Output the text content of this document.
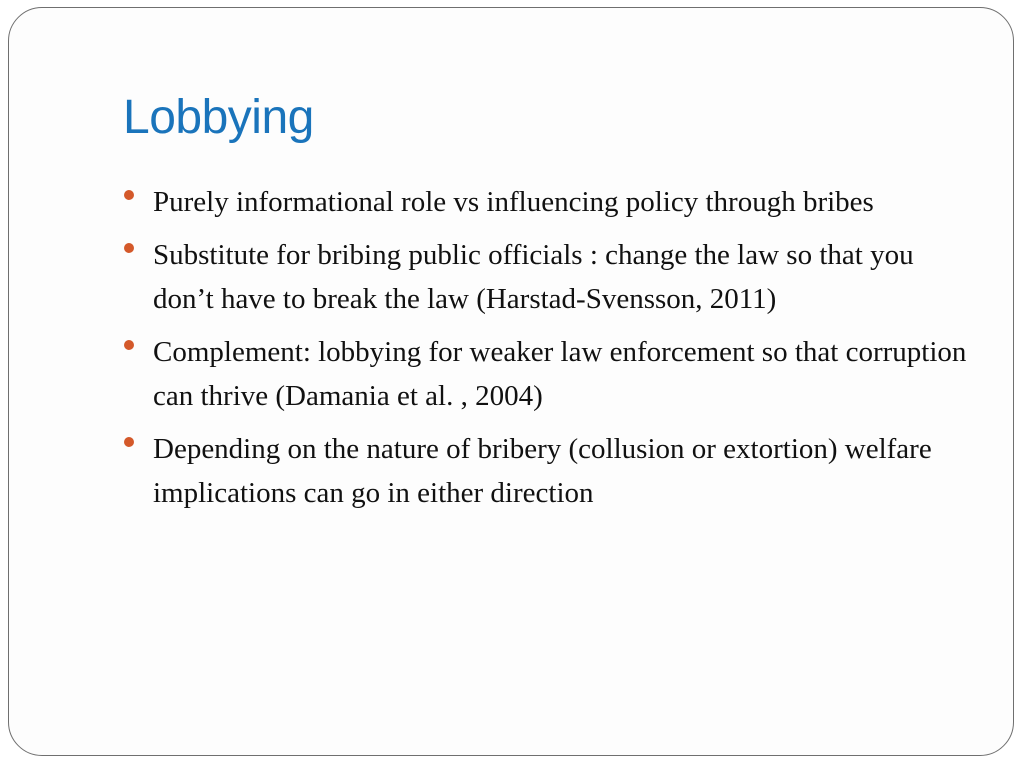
Lobbying
Purely informational role vs influencing policy through bribes
Substitute for bribing public officials : change the law so that you don’t have to break the law (Harstad-Svensson, 2011)
Complement: lobbying for weaker law enforcement so that corruption can thrive (Damania et al. , 2004)
Depending on the nature of bribery (collusion or extortion) welfare implications can go in either direction
